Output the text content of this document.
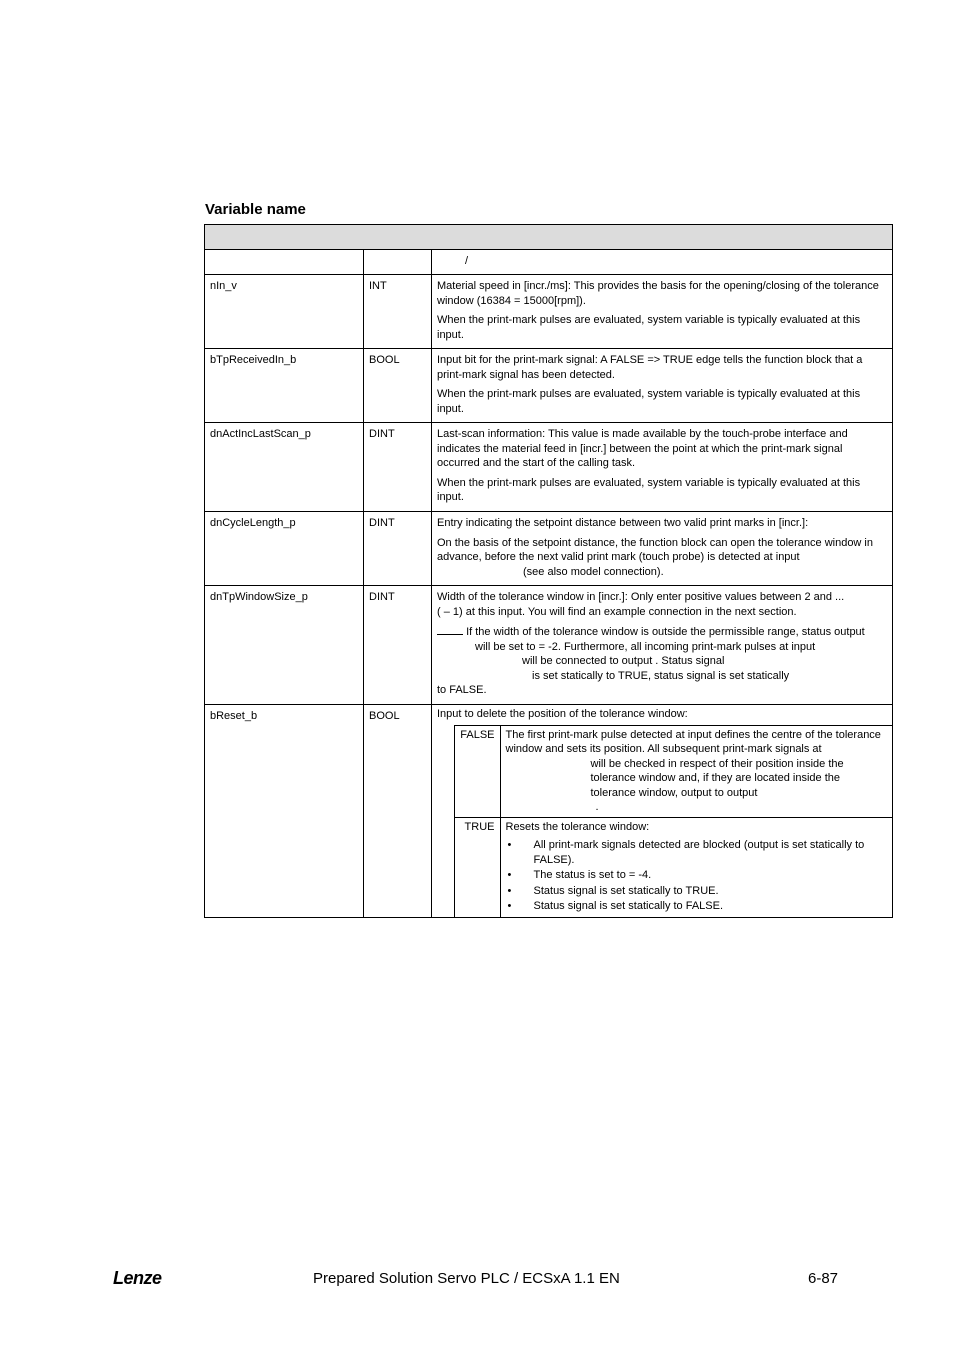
Variable name

		/
nIn_v	INT	Material speed in [incr./ms]: This provides the basis for the opening/closing of the tolerance window (16384 = 15000[rpm]).

When the print-mark pulses are evaluated, system variable is typically evaluated at this input.

bTpReceivedIn_b	BOOL	Input bit for the print-mark signal: A FALSE => TRUE edge tells the function block that a print-mark signal has been detected.

When the print-mark pulses are evaluated, system variable is typically evaluated at this input.

dnActIncLastScan_p	DINT	Last-scan information: This value is made available by the touch-probe interface and indicates the material feed in [incr.] between the point at which the print-mark signal occurred and the start of the calling task.

When the print-mark pulses are evaluated, system variable is typically evaluated at this input.

dnCycleLength_p	DINT	Entry indicating the setpoint distance between two valid print marks in [incr.]:

On the basis of the setpoint distance, the function block can open the tolerance window in advance, before the next valid print mark (touch probe) is detected at input

(see also model connection).

dnTpWindowSize_p	DINT	Width of the tolerance window in [incr.]: Only enter positive values between 2 and ...

( – 1) at this input. You will find an example connection in the next section.

If the width of the tolerance window is outside the permissible range, status output
will be set to = -2. Furthermore, all incoming print-mark pulses at input
will be connected to output . Status signal
is set statically to TRUE, status signal is set statically
to FALSE.

bReset_b	BOOL	Input to delete the position of the tolerance window:
	FALSE	The first print-mark pulse detected at input defines the centre of the tolerance window and sets its position. All subsequent print-mark signals at
will be checked in respect of their position inside the tolerance window and, if they are located inside the tolerance window, output to output
.

	TRUE	Resets the tolerance window:
• All print-mark signals detected are blocked (output is set statically to FALSE).
• The status is set to = -4.
• Status signal is set statically to TRUE.
• Status signal is set statically to FALSE.
Lenze	Prepared Solution Servo PLC / ECSxA 1.1 EN	6-87
